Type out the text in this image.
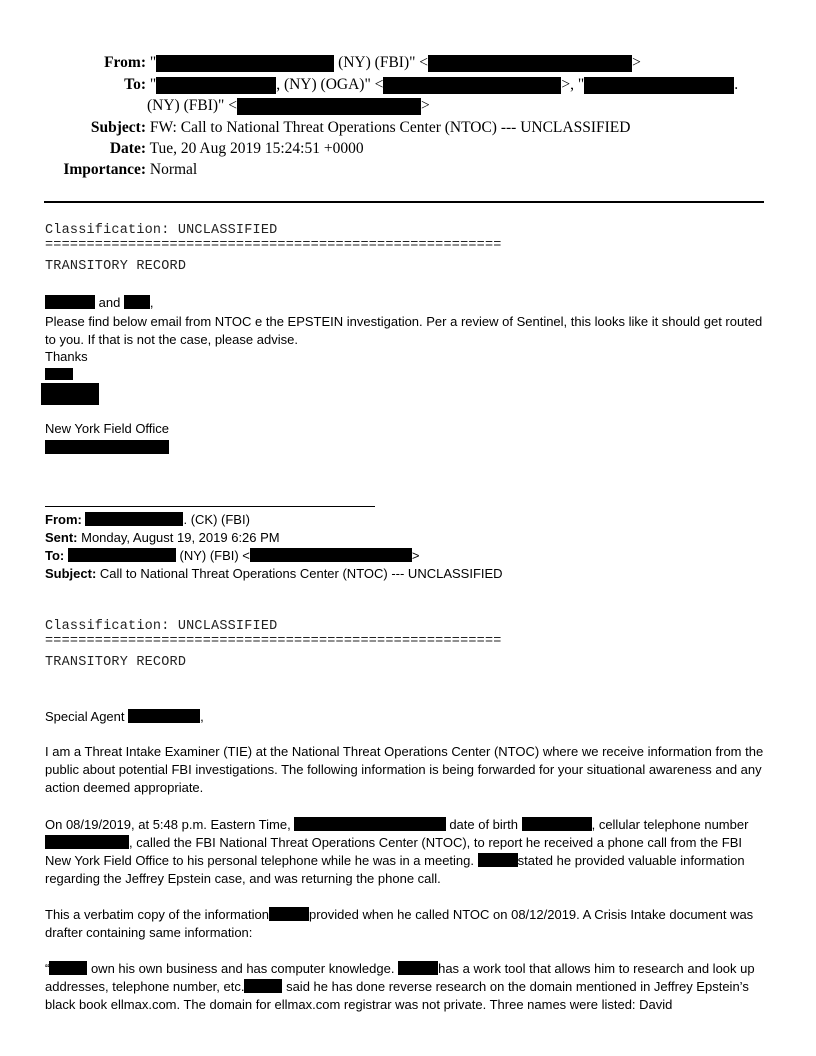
From: "	(NY) (FBI)" <	>
To: "	, (NY) (OGA)" <	>, "	.
(NY) (FBI)" <	>
Subject: FW: Call to National Threat Operations Center (NTOC) --- UNCLASSIFIED
Date: Tue, 20 Aug 2019 15:24:51 +0000
Importance: Normal
Classification: UNCLASSIFIED
=======================================================
TRANSITORY RECORD
and ,
Please find below email from NTOC e the EPSTEIN investigation. Per a review of Sentinel, this looks like it should get routed to you. If that is not the case, please advise.
Thanks
New York Field Office
From:	. (CK) (FBI)
Sent: Monday, August 19, 2019 6:26 PM
To:	(NY) (FBI) <	>
Subject: Call to National Threat Operations Center (NTOC) --- UNCLASSIFIED
Classification: UNCLASSIFIED
=======================================================
TRANSITORY RECORD
Special Agent	,
I am a Threat Intake Examiner (TIE) at the National Threat Operations Center (NTOC) where we receive information from the public about potential FBI investigations. The following information is being forwarded for your situational awareness and any action deemed appropriate.
On 08/19/2019, at 5:48 p.m. Eastern Time,	date of birth	, cellular telephone number
, called the FBI National Threat Operations Center (NTOC), to report he received a phone call from the FBI New York Field Office to his personal telephone while he was in a meeting.	stated he provided valuable information regarding the Jeffrey Epstein case, and was returning the phone call.
This a verbatim copy of the information	provided when he called NTOC on 08/12/2019. A Crisis Intake document was drafter containing same information:
“	own his own business and has computer knowledge.	has a work tool that allows him to research and look up addresses, telephone number, etc.	said he has done reverse research on the domain mentioned in Jeffrey Epstein’s black book ellmax.com. The domain for ellmax.com registrar was not private. Three names were listed: David
